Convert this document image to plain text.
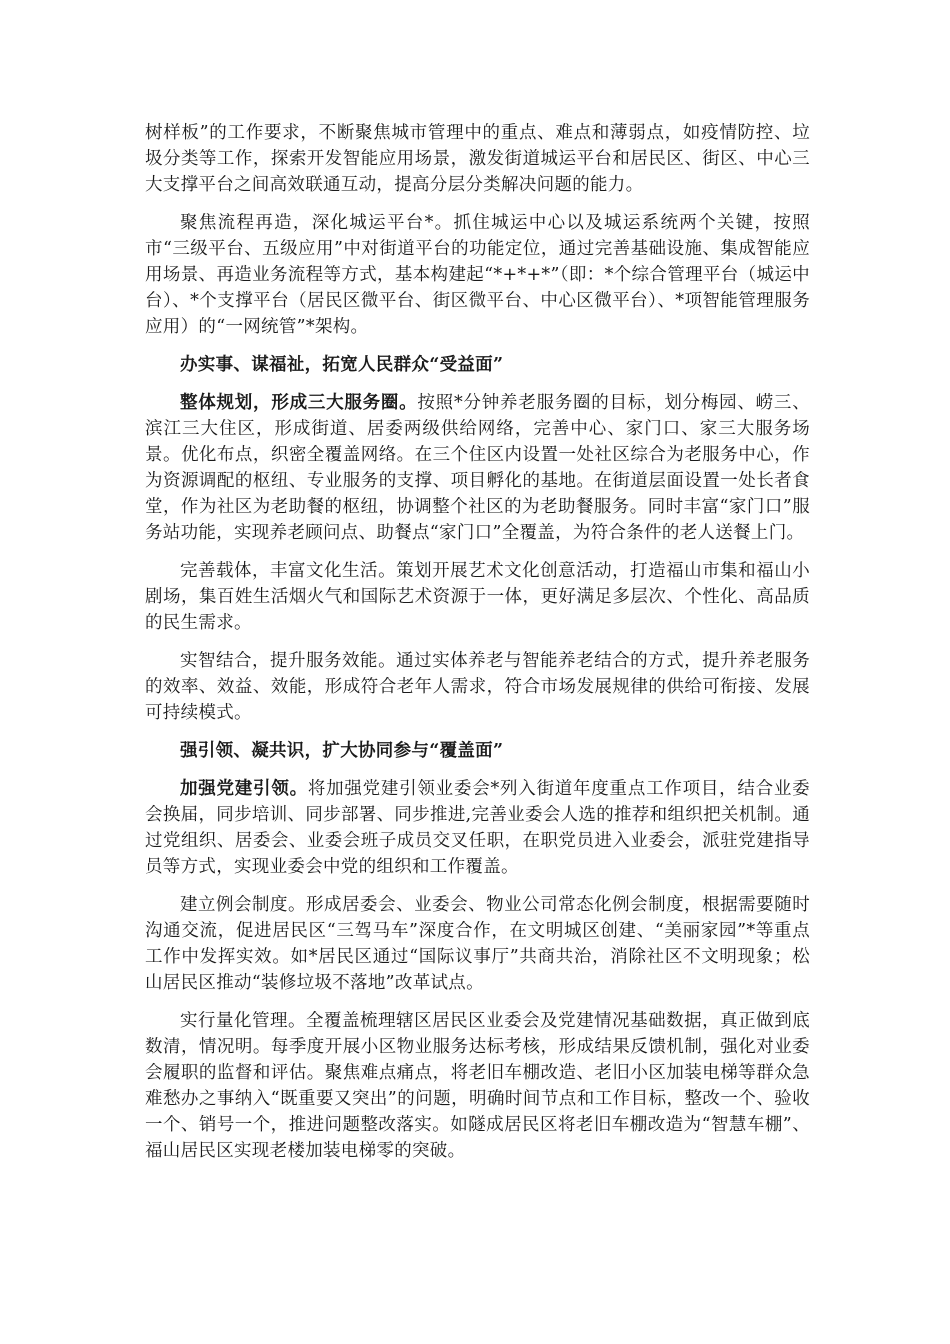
树样板”的工作要求，不断聚焦城市管理中的重点、难点和薄弱点，如疫情防控、垃圾分类等工作，探索开发智能应用场景，激发街道城运平台和居民区、街区、中心三大支撑平台之间高效联通互动，提高分层分类解决问题的能力。

聚焦流程再造，深化城运平台*。抓住城运中心以及城运系统两个关键，按照市“三级平台、五级应用”中对街道平台的功能定位，通过完善基础设施、集成智能应用场景、再造业务流程等方式，基本构建起“*+*+*”（即：*个综合管理平台（城运中台）、*个支撑平台（居民区微平台、街区微平台、中心区微平台）、*项智能管理服务应用）的“一网统管”*架构。

办实事、谋福祉，拓宽人民群众“受益面”

整体规划，形成三大服务圈。按照*分钟养老服务圈的目标，划分梅园、崂三、滨江三大住区，形成街道、居委两级供给网络，完善中心、家门口、家三大服务场景。优化布点，织密全覆盖网络。在三个住区内设置一处社区综合为老服务中心，作为资源调配的枢纽、专业服务的支撑、项目孵化的基地。在街道层面设置一处长者食堂，作为社区为老助餐的枢纽，协调整个社区的为老助餐服务。同时丰富“家门口”服务站功能，实现养老顾问点、助餐点“家门口”全覆盖，为符合条件的老人送餐上门。

完善载体，丰富文化生活。策划开展艺术文化创意活动，打造福山市集和福山小剧场，集百姓生活烟火气和国际艺术资源于一体，更好满足多层次、个性化、高品质的民生需求。

实智结合，提升服务效能。通过实体养老与智能养老结合的方式，提升养老服务的效率、效益、效能，形成符合老年人需求，符合市场发展规律的供给可衔接、发展可持续模式。

强引领、凝共识，扩大协同参与“覆盖面”

加强党建引领。将加强党建引领业委会*列入街道年度重点工作项目，结合业委会换届，同步培训、同步部署、同步推进,完善业委会人选的推荐和组织把关机制。通过党组织、居委会、业委会班子成员交叉任职，在职党员进入业委会，派驻党建指导员等方式，实现业委会中党的组织和工作覆盖。

建立例会制度。形成居委会、业委会、物业公司常态化例会制度，根据需要随时沟通交流，促进居民区“三驾马车”深度合作，在文明城区创建、“美丽家园”*等重点工作中发挥实效。如*居民区通过“国际议事厅”共商共治，消除社区不文明现象；松山居民区推动“装修垃圾不落地”改革试点。

实行量化管理。全覆盖梳理辖区居民区业委会及党建情况基础数据，真正做到底数清，情况明。每季度开展小区物业服务达标考核，形成结果反馈机制，强化对业委会履职的监督和评估。聚焦难点痛点，将老旧车棚改造、老旧小区加装电梯等群众急难愁办之事纳入“既重要又突出”的问题，明确时间节点和工作目标，整改一个、验收一个、销号一个，推进问题整改落实。如隧成居民区将老旧车棚改造为“智慧车棚”、福山居民区实现老楼加装电梯零的突破。
